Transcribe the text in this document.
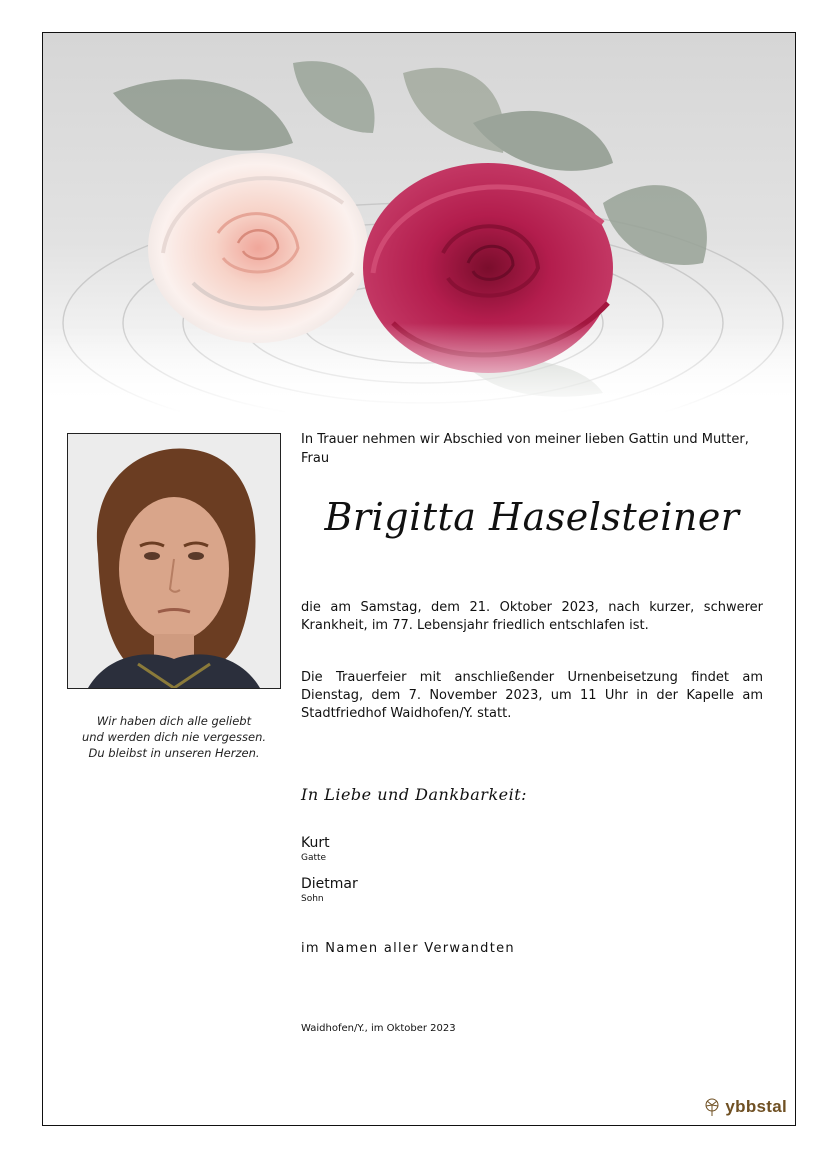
Wir haben dich alle geliebt
und werden dich nie vergessen.
Du bleibst in unseren Herzen.
In Trauer nehmen wir Abschied von meiner lieben Gattin und Mutter, Frau
Brigitta Haselsteiner
die am Samstag, dem 21. Oktober 2023, nach kurzer, schwerer Krankheit, im 77. Lebensjahr friedlich entschlafen ist.
Die Trauerfeier mit anschließender Urnenbeisetzung findet am Dienstag, dem 7. November 2023, um 11 Uhr in der Kapelle am Stadtfriedhof Waidhofen/Y. statt.
In Liebe und Dankbarkeit:
Kurt
Gatte
Dietmar
Sohn
im Namen aller Verwandten
Waidhofen/Y., im Oktober 2023
ybbstal
